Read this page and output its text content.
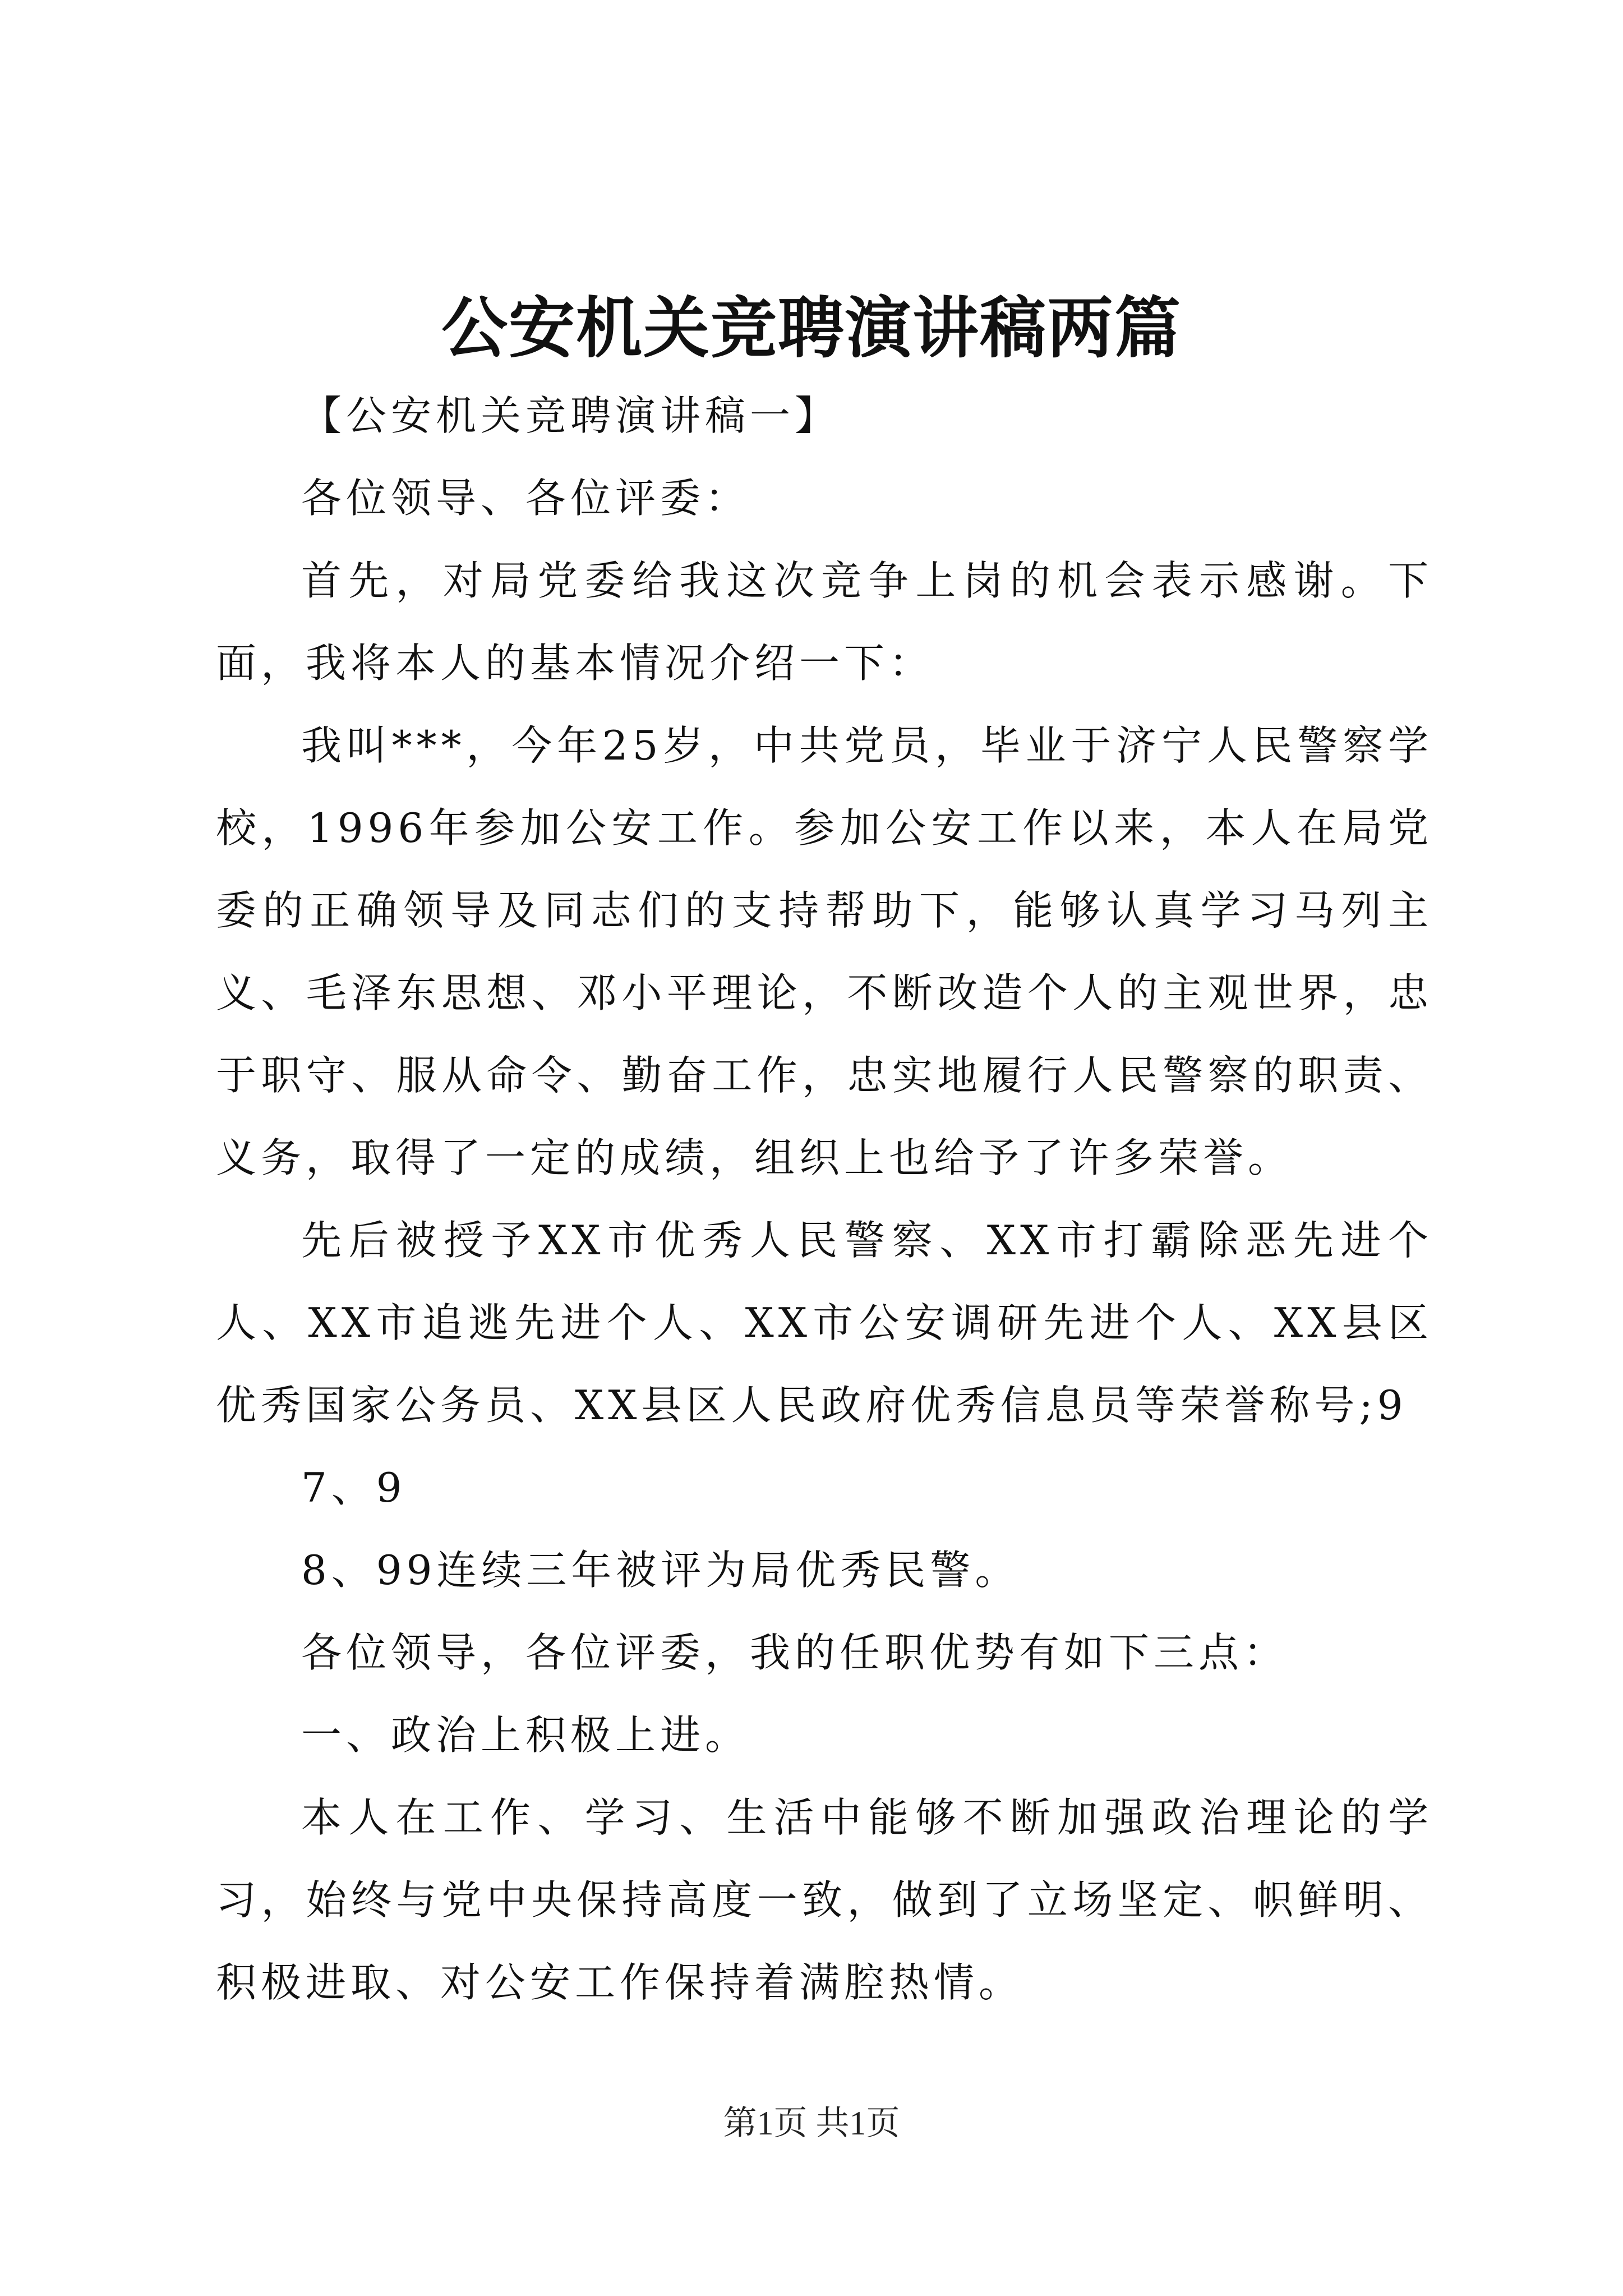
公安机关竞聘演讲稿两篇

【公安机关竞聘演讲稿一】

各位领导、各位评委：

首先，对局党委给我这次竞争上岗的机会表示感谢。下面，我将本人的基本情况介绍一下：

我叫***，今年25岁，中共党员，毕业于济宁人民警察学校，1996年参加公安工作。参加公安工作以来，本人在局党委的正确领导及同志们的支持帮助下，能够认真学习马列主义、毛泽东思想、邓小平理论，不断改造个人的主观世界，忠于职守、服从命令、勤奋工作，忠实地履行人民警察的职责、义务，取得了一定的成绩，组织上也给予了许多荣誉。

先后被授予XX市优秀人民警察、XX市打霸除恶先进个人、XX市追逃先进个人、XX市公安调研先进个人、XX县区优秀国家公务员、XX县区人民政府优秀信息员等荣誉称号;9

7、9

8、99连续三年被评为局优秀民警。

各位领导，各位评委，我的任职优势有如下三点：

一、政治上积极上进。

本人在工作、学习、生活中能够不断加强政治理论的学习，始终与党中央保持高度一致，做到了立场坚定、帜鲜明、积极进取、对公安工作保持着满腔热情。

第1页 共1页
